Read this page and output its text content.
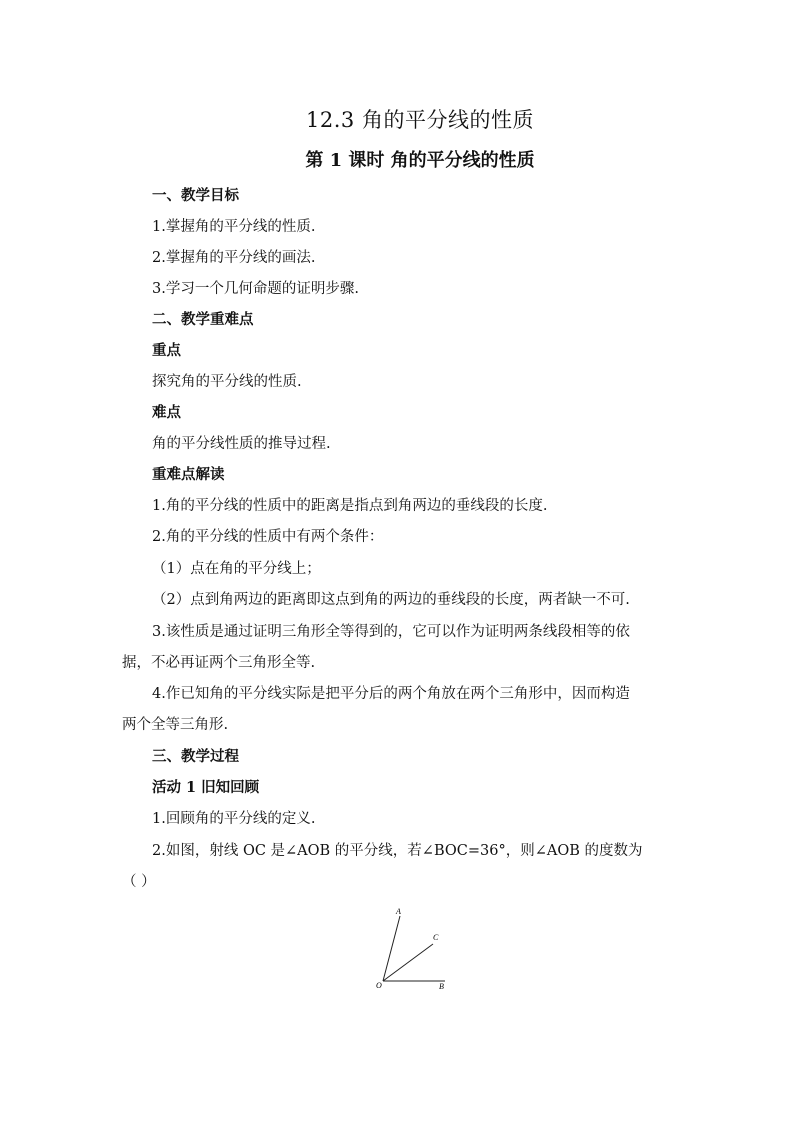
12.3 角的平分线的性质
第 1 课时 角的平分线的性质
一、教学目标
1.掌握角的平分线的性质.
2.掌握角的平分线的画法.
3.学习一个几何命题的证明步骤.
二、教学重难点
重点
探究角的平分线的性质.
难点
角的平分线性质的推导过程.
重难点解读
1.角的平分线的性质中的距离是指点到角两边的垂线段的长度.
2.角的平分线的性质中有两个条件：
（1）点在角的平分线上；
（2）点到角两边的距离即这点到角的两边的垂线段的长度，两者缺一不可.
3.该性质是通过证明三角形全等得到的，它可以作为证明两条线段相等的依
据，不必再证两个三角形全等.
4.作已知角的平分线实际是把平分后的两个角放在两个三角形中，因而构造
两个全等三角形.
三、教学过程
活动 1 旧知回顾
1.回顾角的平分线的定义.
2.如图，射线 OC 是∠AOB 的平分线，若∠BOC=36°，则∠AOB 的度数为
（ ）
A
C
O	B
